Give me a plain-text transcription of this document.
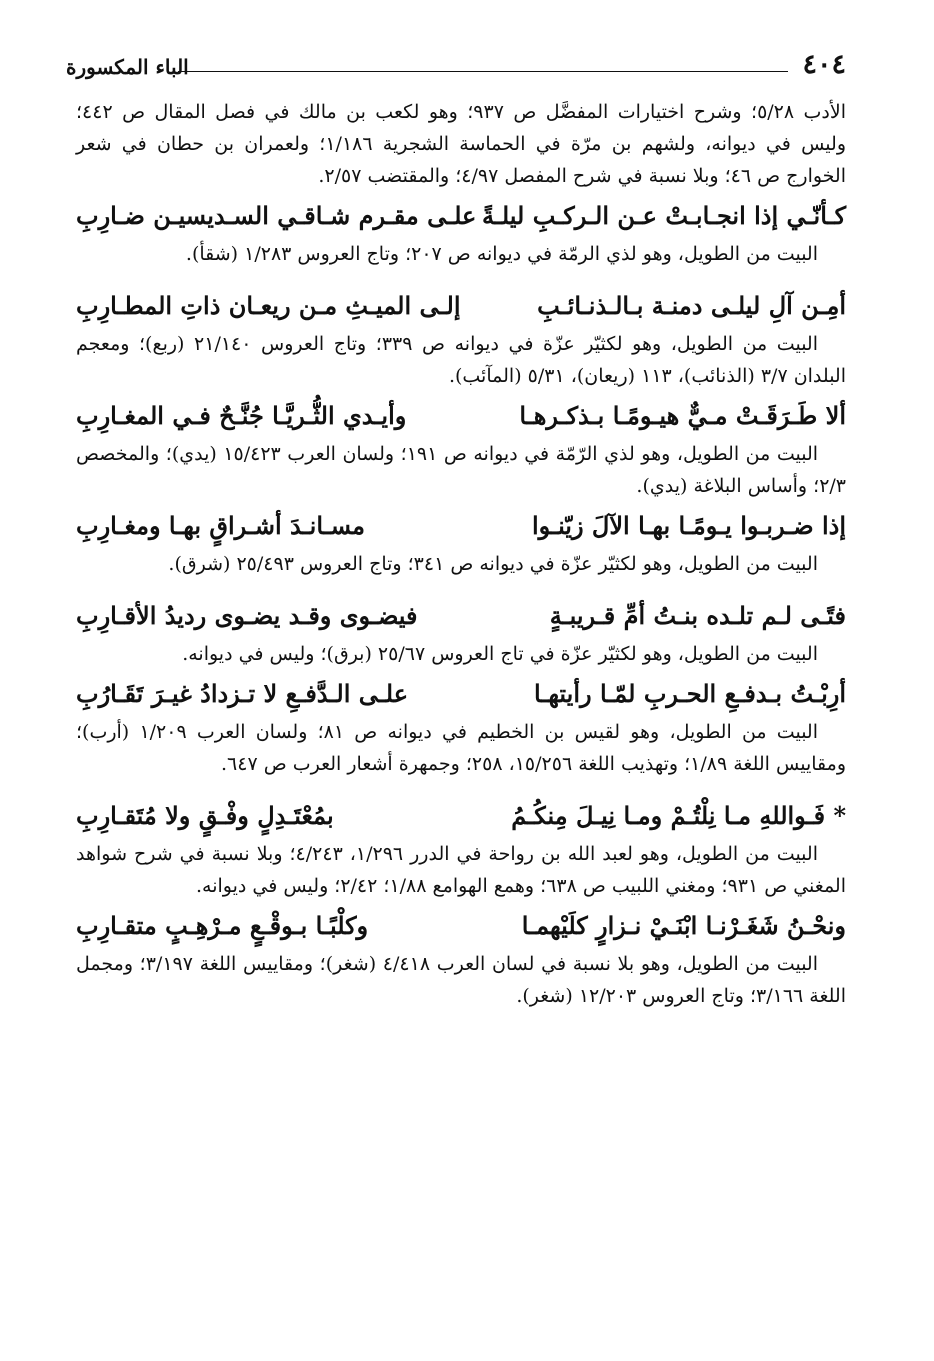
٤٠٤
الباء المكسورة

الأدب ٥/٢٨؛ وشرح اختيارات المفضَّل ص ٩٣٧؛ وهو لكعب بن مالك في فصل المقال ص ٤٤٢؛ وليس في ديوانه، ولشهم بن مرّة في الحماسة الشجرية ١/١٨٦؛ ولعمران بن حطان في شعر الخوارج ص ٤٦؛ وبلا نسبة في شرح المفصل ٤/٩٧؛ والمقتضب ٢/٥٧.

كـأنّـي إذا انجـابـتْ عـن الـركـبِ ليلـةً
علـى مقـرم شـاقـي السـديسيـن ضـارِبِ

البيت من الطويل، وهو لذي الرمّة في ديوانه ص ٢٠٧؛ وتاج العروس ١/٢٨٣ (شقأ).

أمِـن آلِ ليلـى دمنـة بـالـذنـائـبِ
إلـى الميـثِ مـن ريعـان ذاتِ المطـارِبِ

البيت من الطويل، وهو لكثيّر عزّة في ديوانه ص ٣٣٩؛ وتاج العروس ٢١/١٤٠ (ربع)؛ ومعجم البلدان ٣/٧ (الذنائب)، ١١٣ (ريعان)، ٥/٣١ (المآئب).

ألا طَـرَقَـتْ مـيٌّ هيـومًـا بـذكـرهـا
وأيـدي الثُّـريَّـا جُنَّـحٌ فـي المغـارِبِ

البيت من الطويل، وهو لذي الرّمّة في ديوانه ص ١٩١؛ ولسان العرب ١٥/٤٢٣ (يدي)؛ والمخصص ٢/٣؛ وأساس البلاغة (يدي).

إذا ضـربـوا يـومًـا بهـا الآلَ زيّنـوا
مسـانـدَ أشـراقٍ بهـا ومغـارِبِ

البيت من الطويل، وهو لكثيّر عزّة في ديوانه ص ٣٤١؛ وتاج العروس ٢٥/٤٩٣ (شرق).

فتًـى لـم تلـده بنـتُ أمِّ قـريبـةٍ
فيضـوى وقـد يضـوى رديدُ الأقـارِبِ

البيت من الطويل، وهو لكثيّر عزّة في تاج العروس ٢٥/٦٧ (برق)؛ وليس في ديوانه.

أرِبْـتُ بـدفـعِ الحـربِ لمّـا رأيتهـا
علـى الـدَّفـعِ لا تـزدادُ غيـرَ تَقَـارُبِ

البيت من الطويل، وهو لقيس بن الخطيم في ديوانه ص ٨١؛ ولسان العرب ١/٢٠٩ (أرب)؛ ومقاييس اللغة ١/٨٩؛ وتهذيب اللغة ١٥/٢٥٦، ٢٥٨؛ وجمهرة أشعار العرب ص ٦٤٧.

* فَـواللهِ مـا نِلْتُـمْ ومـا نِيـلَ مِنكُـمُ
بمُعْتَـدِلٍ وفْـقٍ ولا مُتَقـارِبِ

البيت من الطويل، وهو لعبد الله بن رواحة في الدرر ١/٢٩٦، ٤/٢٤٣؛ وبلا نسبة في شرح شواهد المغني ص ٩٣١؛ ومغني اللبيب ص ٦٣٨؛ وهمع الهوامع ١/٨٨؛ ٢/٤٢؛ وليس في ديوانه.

ونحْـنُ شَغَـرْنـا ابْنَـيْ نـزارٍ كلَيْهمـا
وكلْبًـا بـوقْـعٍ مـرْهِـبٍ متقـارِبِ

البيت من الطويل، وهو بلا نسبة في لسان العرب ٤/٤١٨ (شغر)؛ ومقاييس اللغة ٣/١٩٧؛ ومجمل اللغة ٣/١٦٦؛ وتاج العروس ١٢/٢٠٣ (شغر).
